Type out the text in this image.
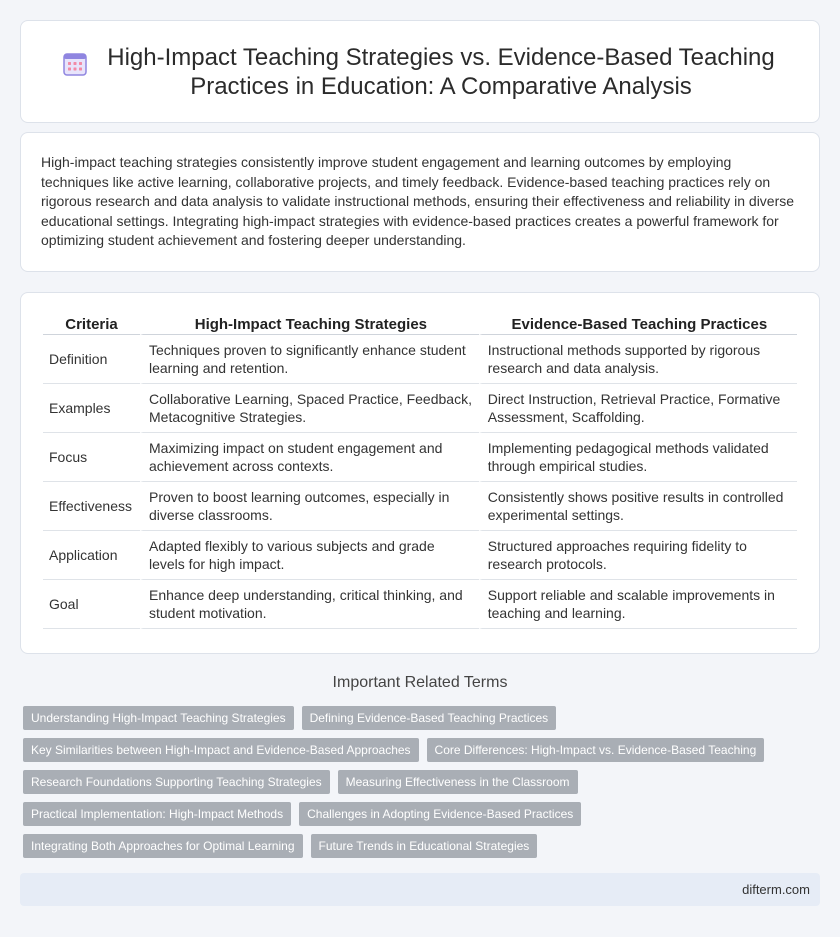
High-Impact Teaching Strategies vs. Evidence-Based Teaching Practices in Education: A Comparative Analysis

High-impact teaching strategies consistently improve student engagement and learning outcomes by employing techniques like active learning, collaborative projects, and timely feedback. Evidence-based teaching practices rely on rigorous research and data analysis to validate instructional methods, ensuring their effectiveness and reliability in diverse educational settings. Integrating high-impact strategies with evidence-based practices creates a powerful framework for optimizing student achievement and fostering deeper understanding.

Criteria	High-Impact Teaching Strategies	Evidence-Based Teaching Practices
Definition	Techniques proven to significantly enhance student learning and retention.	Instructional methods supported by rigorous research and data analysis.
Examples	Collaborative Learning, Spaced Practice, Feedback, Metacognitive Strategies.	Direct Instruction, Retrieval Practice, Formative Assessment, Scaffolding.
Focus	Maximizing impact on student engagement and achievement across contexts.	Implementing pedagogical methods validated through empirical studies.
Effectiveness	Proven to boost learning outcomes, especially in diverse classrooms.	Consistently shows positive results in controlled experimental settings.
Application	Adapted flexibly to various subjects and grade levels for high impact.	Structured approaches requiring fidelity to research protocols.
Goal	Enhance deep understanding, critical thinking, and student motivation.	Support reliable and scalable improvements in teaching and learning.
Important Related Terms
Understanding High-Impact Teaching Strategies	Defining Evidence-Based Teaching Practices
Key Similarities between High-Impact and Evidence-Based Approaches	Core Differences: High-Impact vs. Evidence-Based Teaching
Research Foundations Supporting Teaching Strategies	Measuring Effectiveness in the Classroom
Practical Implementation: High-Impact Methods	Challenges in Adopting Evidence-Based Practices
Integrating Both Approaches for Optimal Learning	Future Trends in Educational Strategies
difterm.com
